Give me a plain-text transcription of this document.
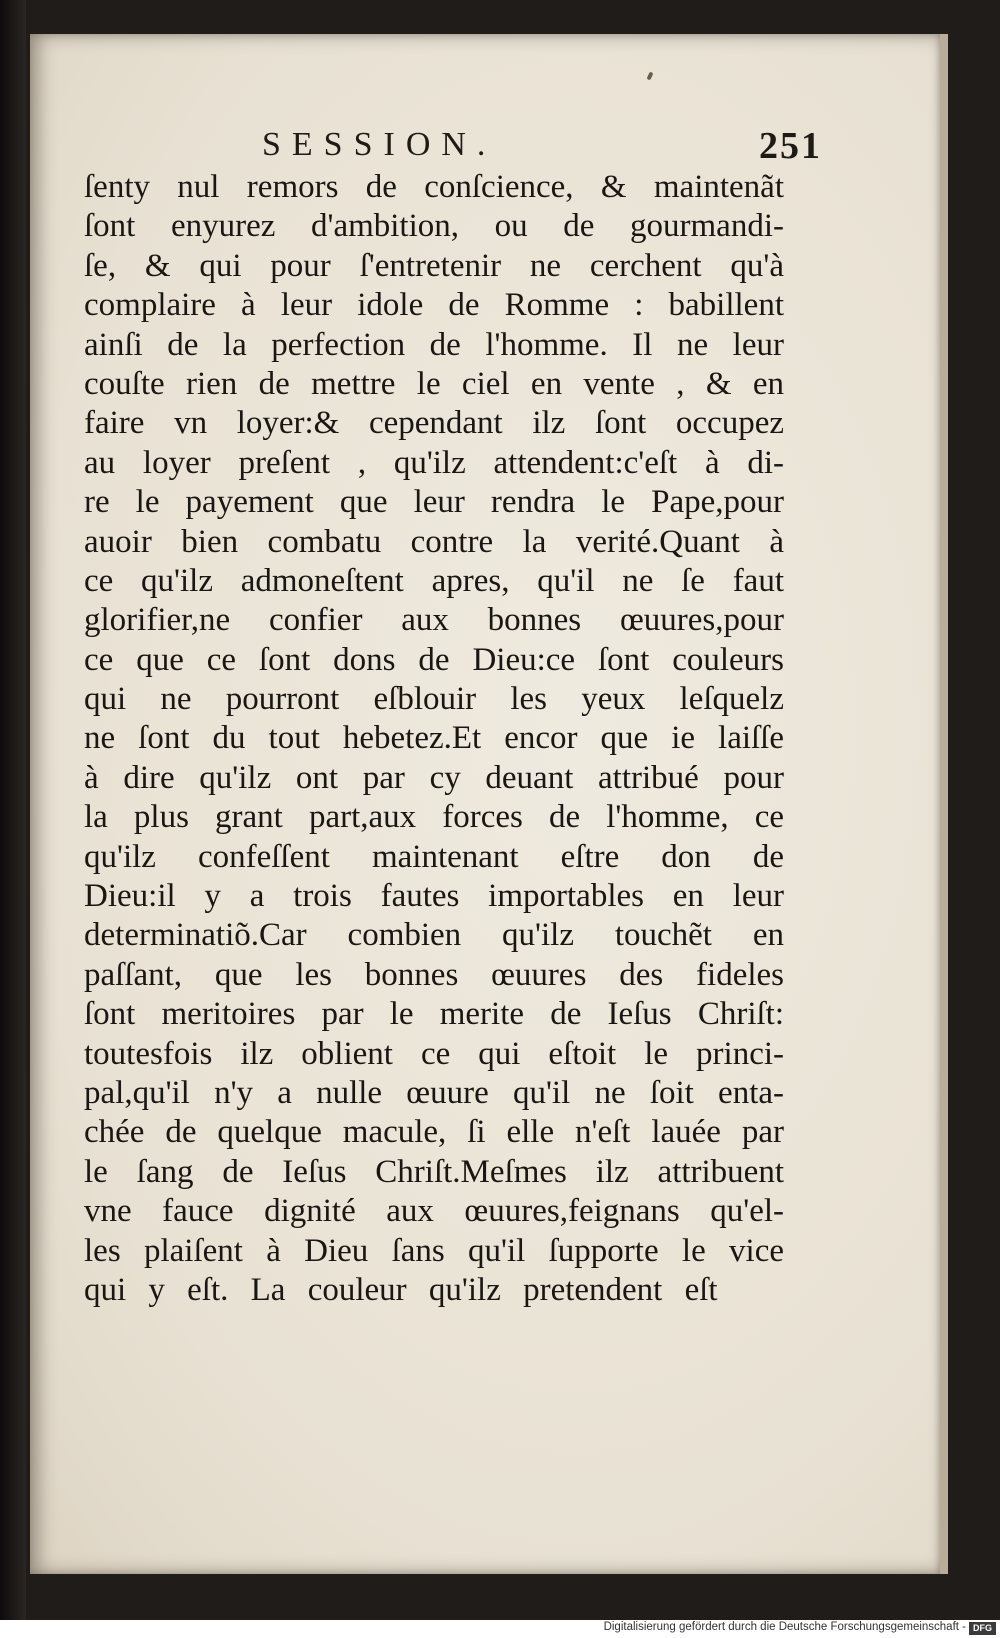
SESSION.	251
ſenty nul remors de conſcience, & maintenãt
ſont enyurez d'ambition, ou de gourmandi-
ſe, & qui pour ſ'entretenir ne cerchent qu'à
complaire à leur idole de Romme : babillent
ainſi de la perfection de l'homme. Il ne leur
couſte rien de mettre le ciel en vente , & en
faire vn loyer:& cependant ilz ſont occupez
au loyer preſent , qu'ilz attendent:c'eſt à di-
re le payement que leur rendra le Pape,pour
auoir bien combatu contre la verité.Quant à
ce qu'ilz admoneſtent apres, qu'il ne ſe faut
glorifier,ne confier aux bonnes œuures,pour
ce que ce ſont dons de Dieu:ce ſont couleurs
qui ne pourront eſblouir les yeux leſquelz
ne ſont du tout hebetez.Et encor que ie laiſſe
à dire qu'ilz ont par cy deuant attribué pour
la plus grant part,aux forces de l'homme, ce
qu'ilz confeſſent maintenant eſtre don de
Dieu:il y a trois fautes importables en leur
determinatiõ.Car combien qu'ilz touchẽt en
paſſant, que les bonnes œuures des fideles
ſont meritoires par le merite de Ieſus Chriſt:
toutesfois ilz oblient ce qui eſtoit le princi-
pal,qu'il n'y a nulle œuure qu'il ne ſoit enta-
chée de quelque macule, ſi elle n'eſt lauée par
le ſang de Ieſus Chriſt.Meſmes ilz attribuent
vne fauce dignité aux œuures,feignans qu'el-
les plaiſent à Dieu ſans qu'il ſupporte le vice
qui y eſt. La couleur qu'ilz pretendent eſt
Digitalisierung gefördert durch die Deutsche Forschungsgemeinschaft - DFG
